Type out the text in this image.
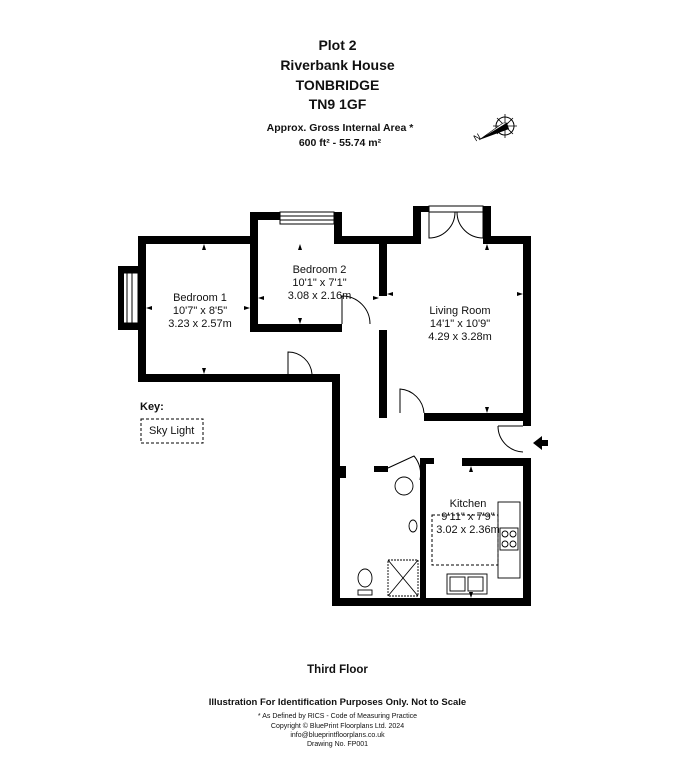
Plot 2
Riverbank House
TONBRIDGE
TN9 1GF
Approx. Gross Internal Area *
600 ft² - 55.74 m²	N
Bedroom 1
10'7" x 8'5"
3.23 x 2.57m
Bedroom 2
10'1" x 7'1"
3.08 x 2.16m
Living Room
14'1" x 10'9"
4.29 x 3.28m
Kitchen
9'11" x 7'9"
3.02 x 2.36m
Key:
Sky Light
Third Floor
Illustration For Identification Purposes Only. Not to Scale
* As Defined by RICS - Code of Measuring Practice
Copyright © BluePrint Floorplans Ltd. 2024
info@blueprintfloorplans.co.uk
Drawing No. FP001
